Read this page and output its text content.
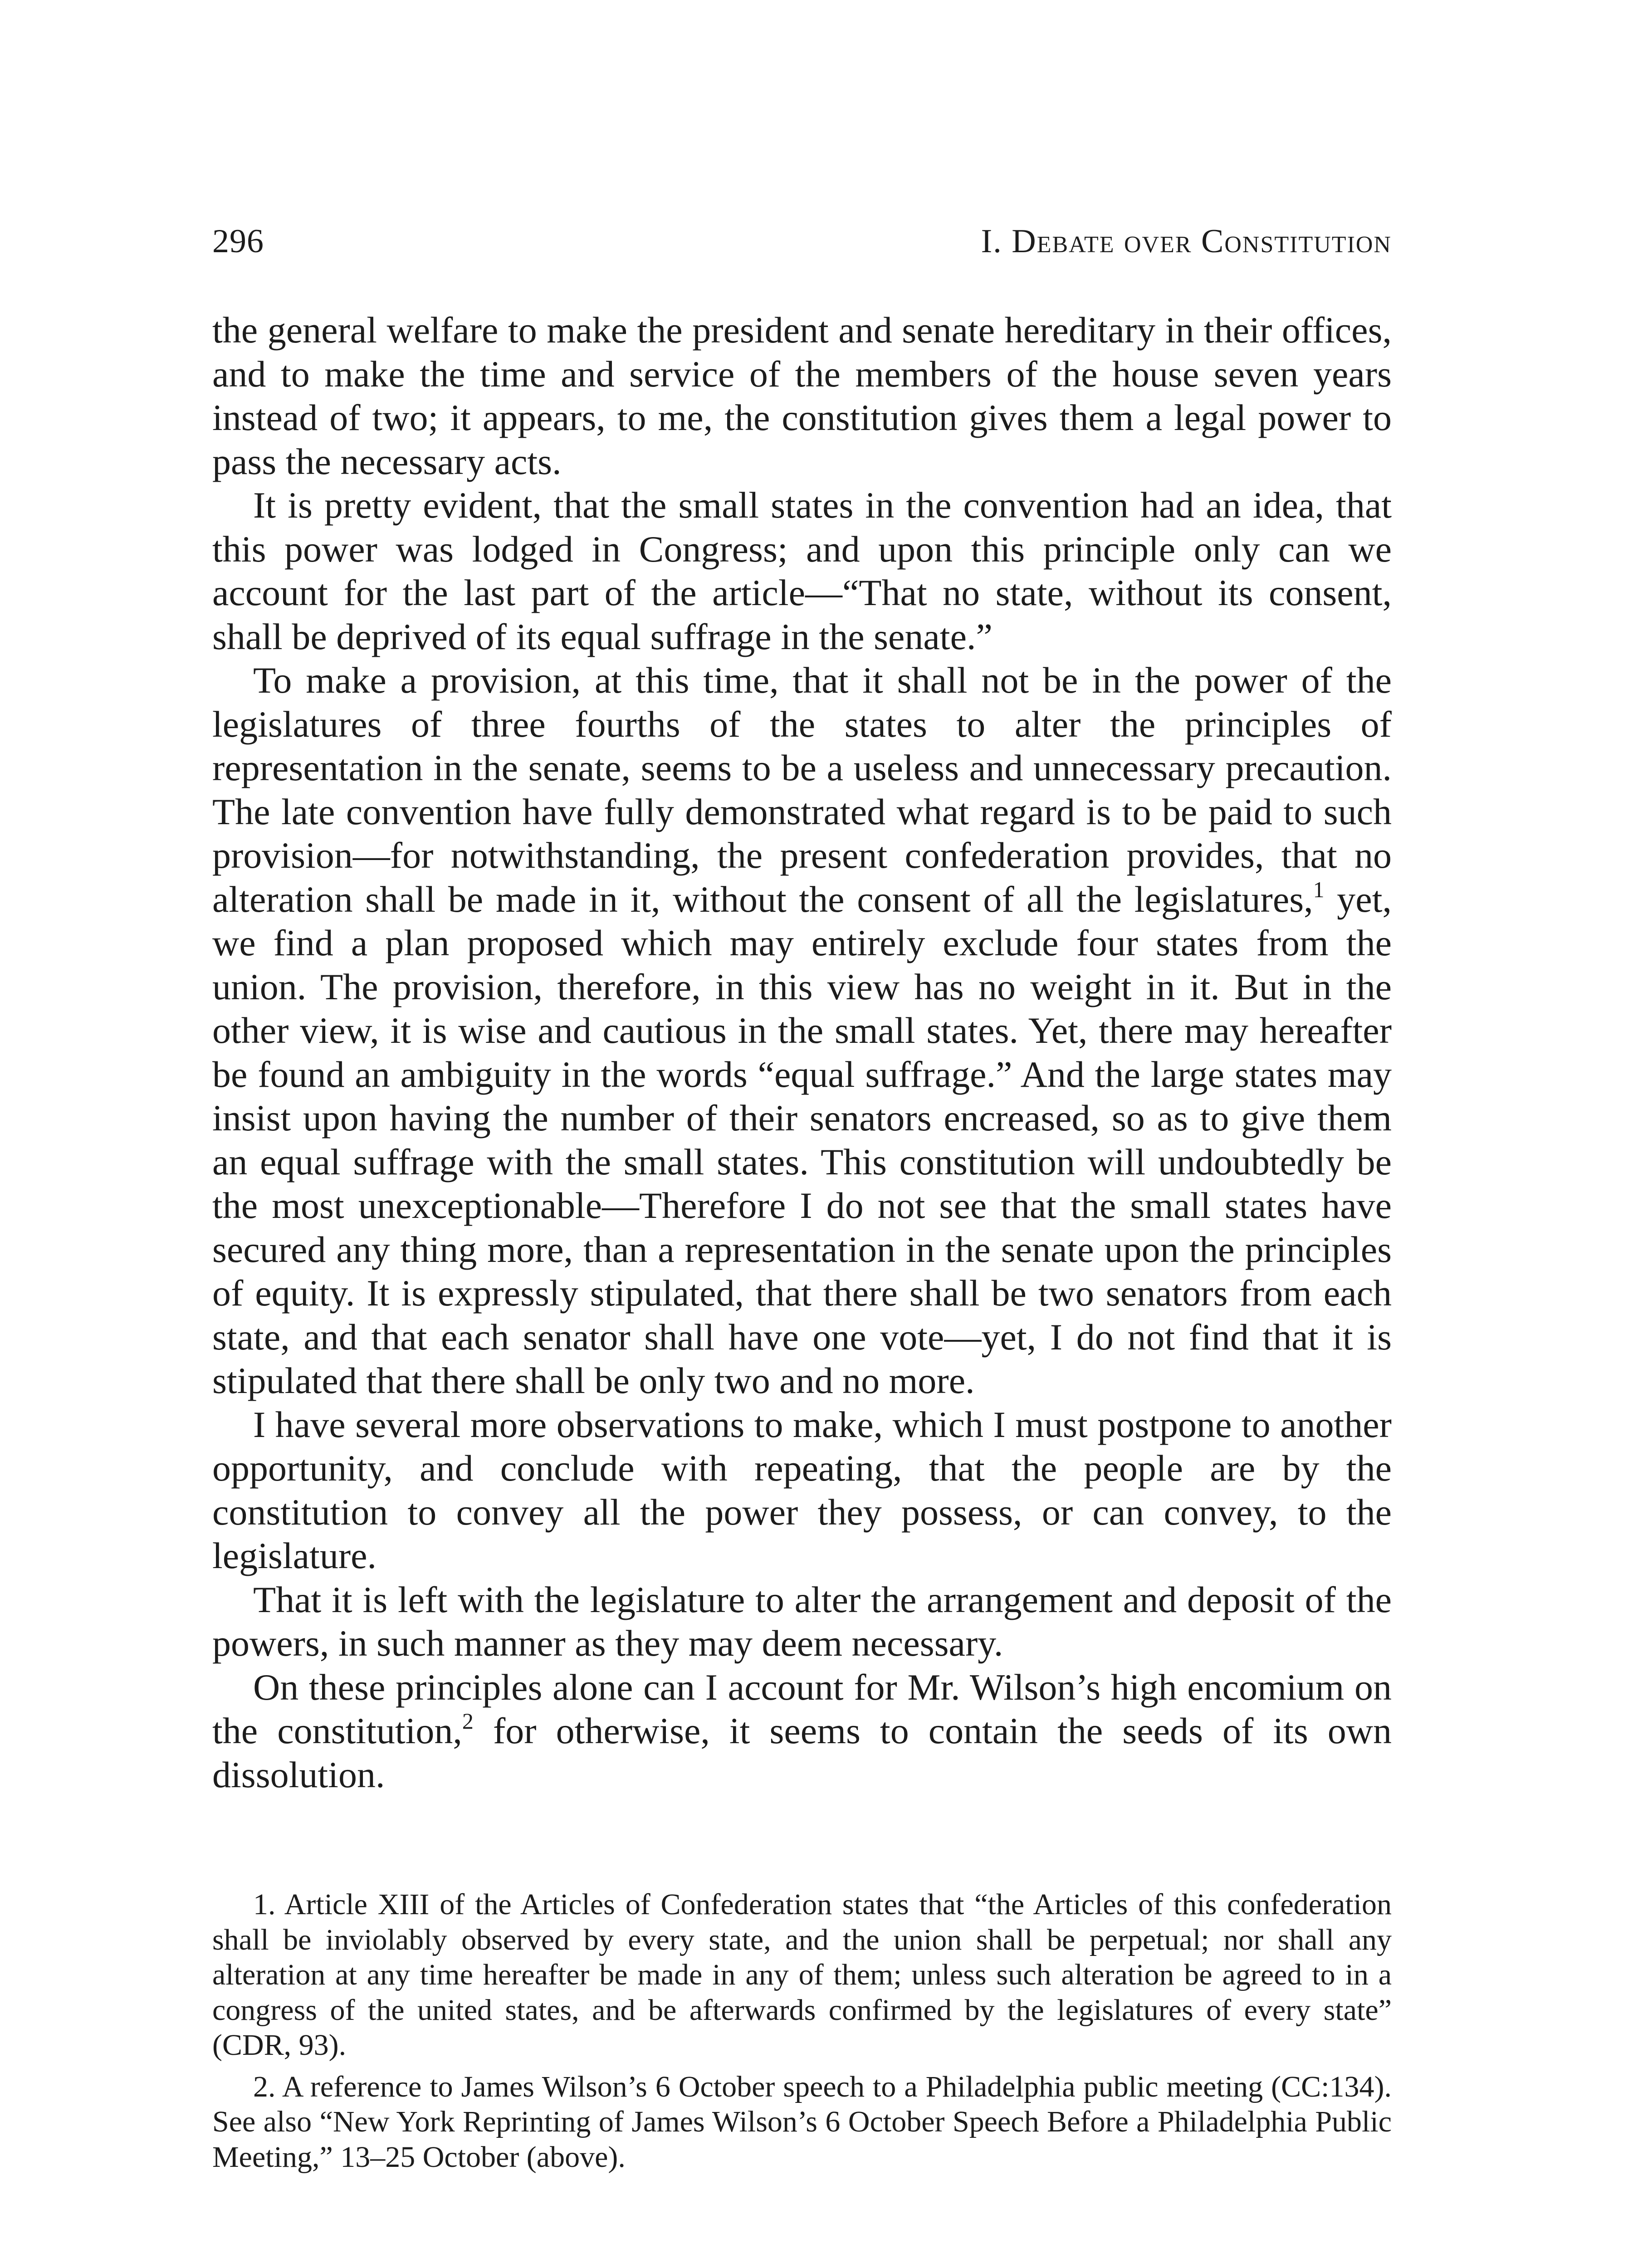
296	I. Debate over Constitution

the general welfare to make the president and senate hereditary in their offices, and to make the time and service of the members of the house seven years instead of two; it appears, to me, the constitution gives them a legal power to pass the necessary acts.

It is pretty evident, that the small states in the convention had an idea, that this power was lodged in Congress; and upon this principle only can we account for the last part of the article—“That no state, without its consent, shall be deprived of its equal suffrage in the senate.”

To make a provision, at this time, that it shall not be in the power of the legislatures of three fourths of the states to alter the principles of representation in the senate, seems to be a useless and unnecessary precaution. The late convention have fully demonstrated what regard is to be paid to such provision—for notwithstanding, the present confederation provides, that no alteration shall be made in it, without the consent of all the legislatures,$^1$ yet, we find a plan proposed which may entirely exclude four states from the union. The provision, therefore, in this view has no weight in it. But in the other view, it is wise and cautious in the small states. Yet, there may hereafter be found an ambiguity in the words “equal suffrage.” And the large states may insist upon having the number of their senators encreased, so as to give them an equal suffrage with the small states. This constitution will undoubtedly be the most unexceptionable—Therefore I do not see that the small states have secured any thing more, than a representation in the senate upon the principles of equity. It is expressly stipulated, that there shall be two senators from each state, and that each senator shall have one vote—yet, I do not find that it is stipulated that there shall be only two and no more.

I have several more observations to make, which I must postpone to another opportunity, and conclude with repeating, that the people are by the constitution to convey all the power they possess, or can convey, to the legislature.

That it is left with the legislature to alter the arrangement and deposit of the powers, in such manner as they may deem necessary.

On these principles alone can I account for Mr. Wilson’s high encomium on the constitution,$^2$ for otherwise, it seems to contain the seeds of its own dissolution.

1. Article XIII of the Articles of Confederation states that “the Articles of this confederation shall be inviolably observed by every state, and the union shall be perpetual; nor shall any alteration at any time hereafter be made in any of them; unless such alteration be agreed to in a congress of the united states, and be afterwards confirmed by the legislatures of every state” (CDR, 93).

2. A reference to James Wilson’s 6 October speech to a Philadelphia public meeting (CC:134). See also “New York Reprinting of James Wilson’s 6 October Speech Before a Philadelphia Public Meeting,” 13–25 October (above).
